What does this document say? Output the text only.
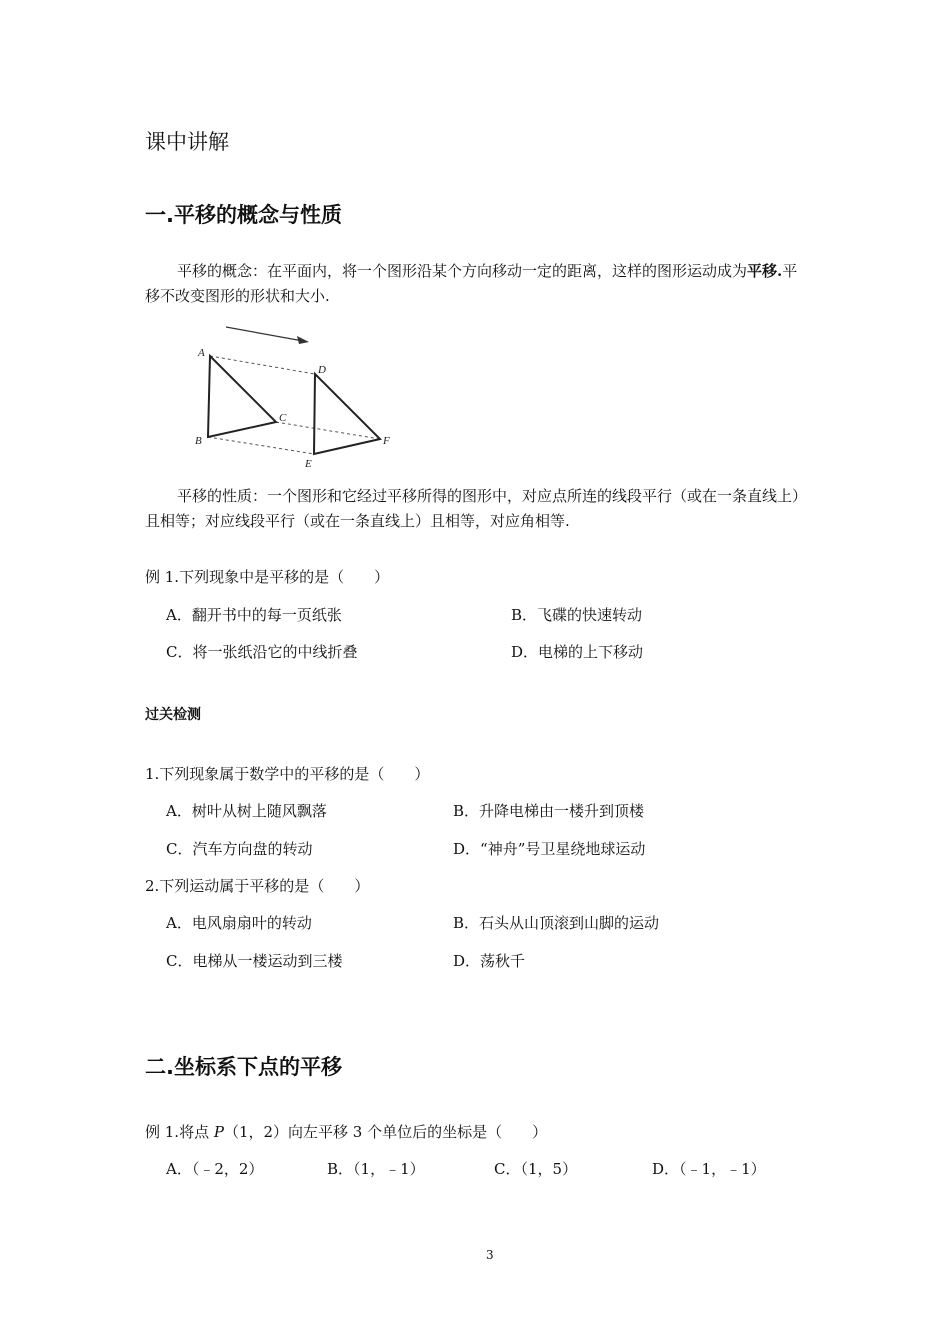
课中讲解
一.平移的概念与性质
平移的概念：在平面内，将一个图形沿某个方向移动一定的距离，这样的图形运动成为平移.平移不改变图形的形状和大小.
A
B
C
D
E
F
平移的性质：一个图形和它经过平移所得的图形中，对应点所连的线段平行（或在一条直线上）且相等；对应线段平行（或在一条直线上）且相等，对应角相等.
例 1.下列现象中是平移的是（　　）
A．翻开书中的每一页纸张	B．飞碟的快速转动
C．将一张纸沿它的中线折叠	D．电梯的上下移动
过关检测
1.下列现象属于数学中的平移的是（　　）
A．树叶从树上随风飘落	B．升降电梯由一楼升到顶楼
C．汽车方向盘的转动	D．“神舟”号卫星绕地球运动
2.下列运动属于平移的是（　　）
A．电风扇扇叶的转动	B．石头从山顶滚到山脚的运动
C．电梯从一楼运动到三楼	D．荡秋千
二.坐标系下点的平移
例 1.将点 P（1，2）向左平移 3 个单位后的坐标是（　　）
A．（﹣2，2）	B．（1，﹣1）	C．（1，5）	D．（﹣1，﹣1）
3
